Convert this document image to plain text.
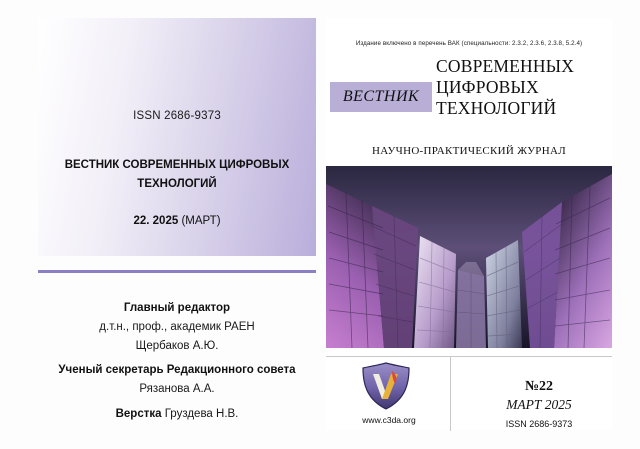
ISSN 2686-9373
ВЕСТНИК СОВРЕМЕННЫХ ЦИФРОВЫХ
ТЕХНОЛОГИЙ
22. 2025 (МАРТ)
Главный редактор
д.т.н., проф., академик РАЕН
Щербаков А.Ю.
Ученый секретарь Редакционного совета
Рязанова А.А.
Верстка Груздева Н.В.
Издание включено в перечень ВАК (специальности: 2.3.2, 2.3.6, 2.3.8, 5.2.4)
ВЕСТНИК
СОВРЕМЕННЫХ
ЦИФРОВЫХ
ТЕХНОЛОГИЙ
НАУЧНО-ПРАКТИЧЕСКИЙ ЖУРНАЛ
www.c3da.org
№22
МАРТ 2025
ISSN 2686-9373
